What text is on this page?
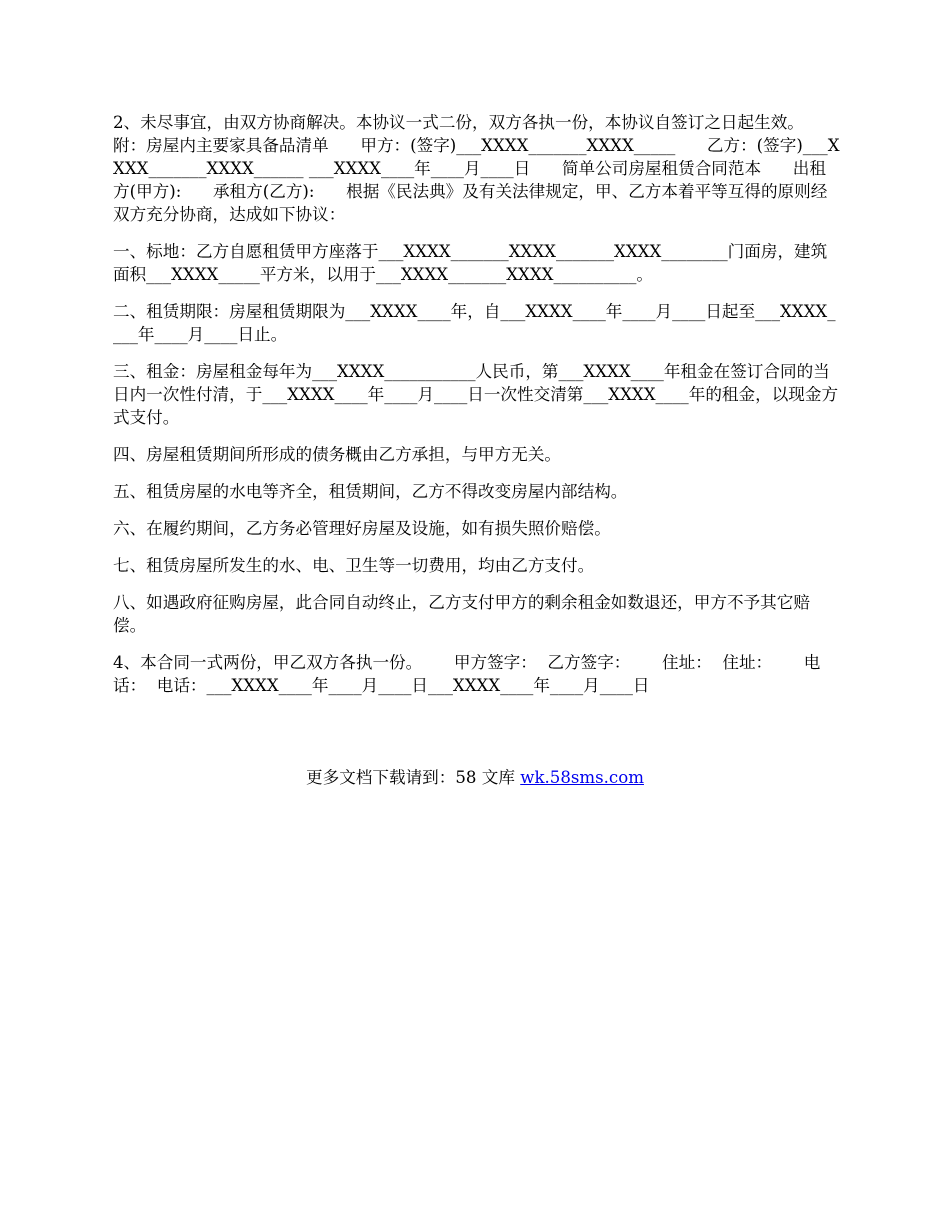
2、未尽事宜，由双方协商解决。本协议一式二份，双方各执一份，本协议自签订之日起生效。      附：房屋内主要家具备品清单      甲方：(签字)___XXXX_______XXXX_____      乙方：(签字)___XXXX_______XXXX______ ___XXXX____年____月____日      简单公司房屋租赁合同范本      出租方(甲方):      承租方(乙方):      根据《民法典》及有关法律规定，甲、乙方本着平等互得的原则经双方充分协商，达成如下协议：

一、标地：乙方自愿租赁甲方座落于___XXXX_______XXXX_______XXXX________门面房，建筑面积___XXXX_____平方米，以用于___XXXX_______XXXX__________。

二、租赁期限：房屋租赁期限为___XXXX____年，自___XXXX____年____月____日起至___XXXX____年____月____日止。

三、租金：房屋租金每年为___XXXX___________人民币，第___XXXX____年租金在签订合同的当日内一次性付清，于___XXXX____年____月____日一次性交清第___XXXX____年的租金，以现金方式支付。

四、房屋租赁期间所形成的债务概由乙方承担，与甲方无关。

五、租赁房屋的水电等齐全，租赁期间，乙方不得改变房屋内部结构。

六、在履约期间，乙方务必管理好房屋及设施，如有损失照价赔偿。

七、租赁房屋所发生的水、电、卫生等一切费用，均由乙方支付。

八、如遇政府征购房屋，此合同自动终止，乙方支付甲方的剩余租金如数退还，甲方不予其它赔偿。

4、本合同一式两份，甲乙双方各执一份。      甲方签字：  乙方签字：      住址：  住址：      电话：  电话：___XXXX____年____月____日___XXXX____年____月____日

更多文档下载请到：58 文库 wk.58sms.com
